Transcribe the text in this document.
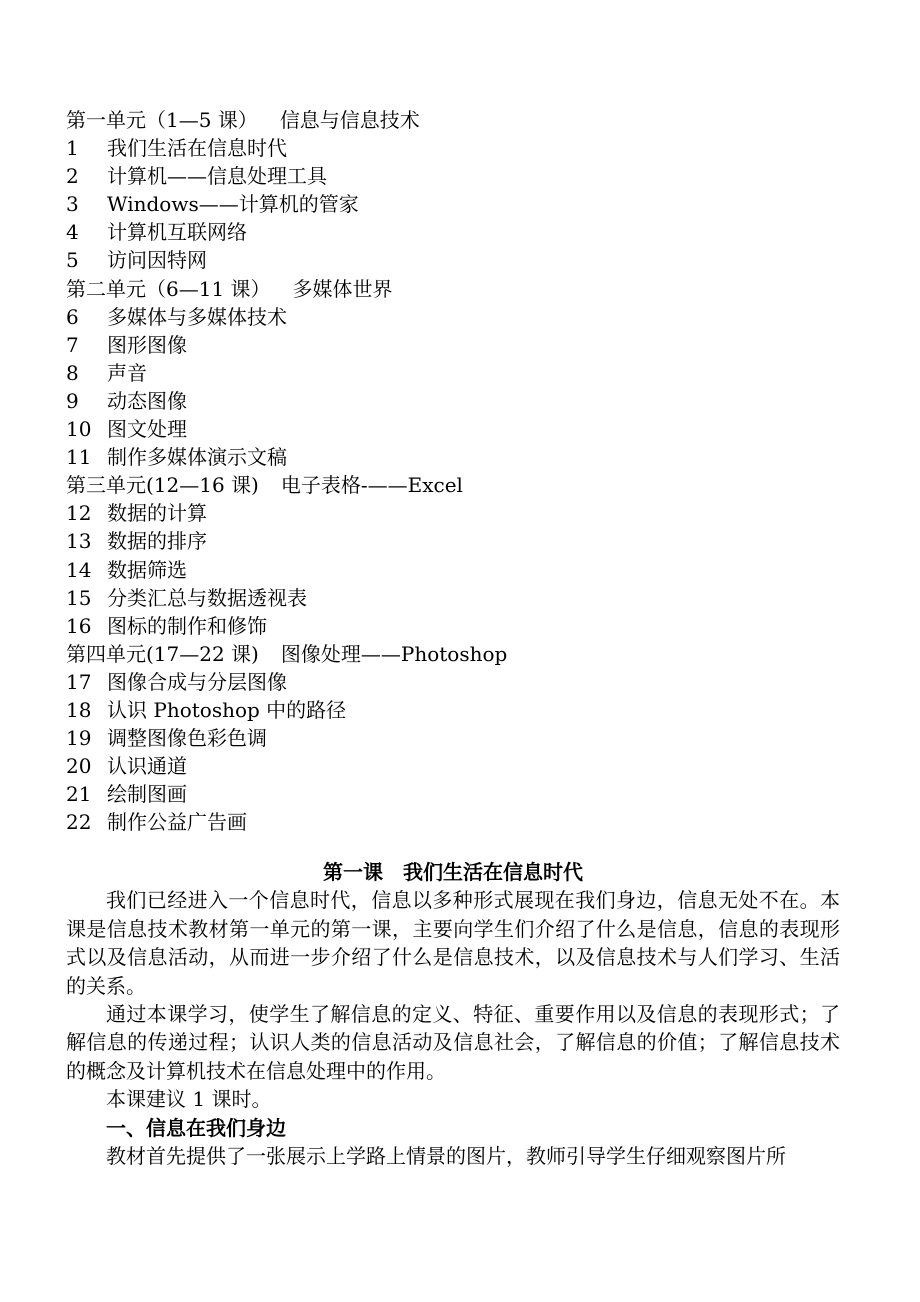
第一单元（1—5 课） 信息与信息技术
1 我们生活在信息时代
2 计算机——信息处理工具
3 Windows——计算机的管家
4 计算机互联网络
5 访问因特网
第二单元（6—11 课） 多媒体世界
6 多媒体与多媒体技术
7 图形图像
8 声音
9 动态图像
10 图文处理
11 制作多媒体演示文稿
第三单元(12—16 课) 电子表格-——Excel
12 数据的计算
13 数据的排序
14 数据筛选
15 分类汇总与数据透视表
16 图标的制作和修饰
第四单元(17—22 课) 图像处理——Photoshop
17 图像合成与分层图像
18 认识 Photoshop 中的路径
19 调整图像色彩色调
20 认识通道
21 绘制图画
22 制作公益广告画

第一课　我们生活在信息时代

我们已经进入一个信息时代，信息以多种形式展现在我们身边，信息无处不在。本课是信息技术教材第一单元的第一课，主要向学生们介绍了什么是信息，信息的表现形式以及信息活动，从而进一步介绍了什么是信息技术，以及信息技术与人们学习、生活的关系。

通过本课学习，使学生了解信息的定义、特征、重要作用以及信息的表现形式；了解信息的传递过程；认识人类的信息活动及信息社会，了解信息的价值；了解信息技术的概念及计算机技术在信息处理中的作用。

本课建议 1 课时。

一、信息在我们身边

教材首先提供了一张展示上学路上情景的图片，教师引导学生仔细观察图片所
